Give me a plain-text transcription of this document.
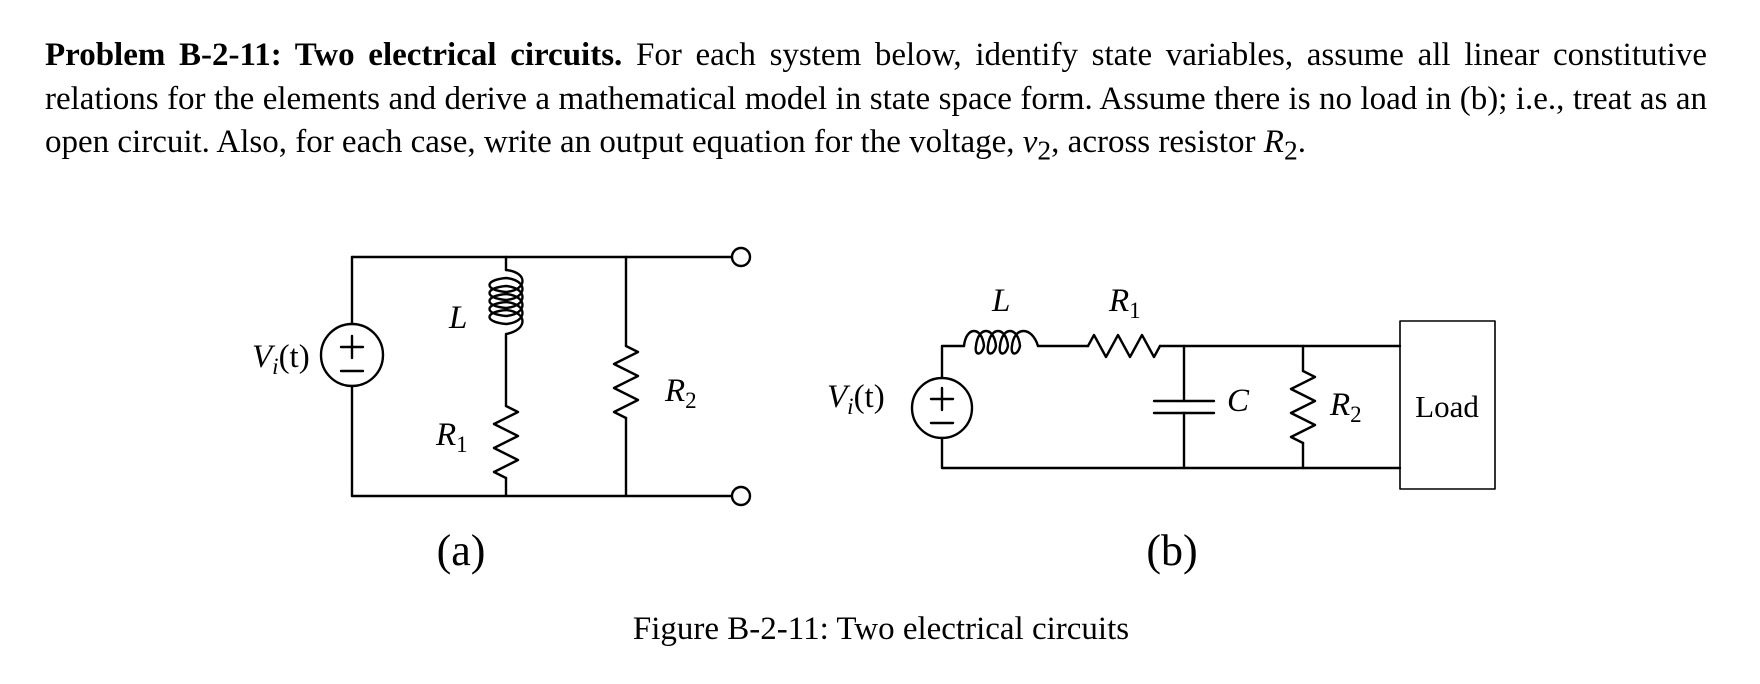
Problem B-2-11: Two electrical circuits. For each system below, identify state variables, assume all linear constitutive relations for the elements and derive a mathematical model in state space form. Assume there is no load in (b); i.e., treat as an open circuit. Also, for each case, write an output equation for the voltage, $v_2$, across resistor $R_2$.

$V_i(t)$
L
$R_1$
$R_2$
(a)
$V_i(t)$
L	$R_1$
C $R_2$ Load
(b)
Figure B-2-11: Two electrical circuits
